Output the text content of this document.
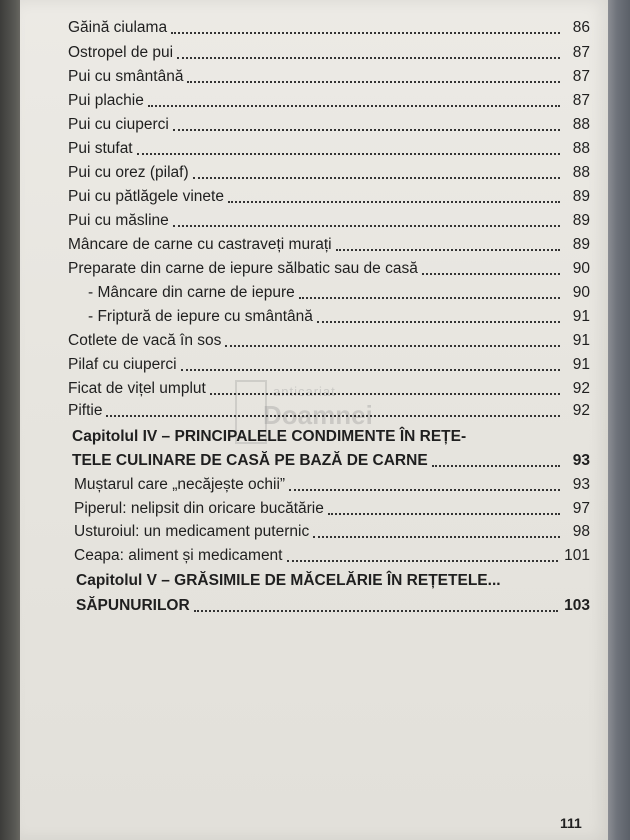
anticariat
Doamnei
Găină ciulama	86
Ostropel de pui	87
Pui cu smântână	87
Pui plachie	87
Pui cu ciuperci	88
Pui stufat	88
Pui cu orez (pilaf)	88
Pui cu pătlăgele vinete	89
Pui cu măsline	89
Mâncare de carne cu castraveți murați	89
Preparate din carne de iepure sălbatic sau de casă	90
- Mâncare din carne de iepure	90
- Friptură de iepure cu smântână	91
Cotlete de vacă în sos	91
Pilaf cu ciuperci	91
Ficat de vițel umplut	92
Piftie	92
Capitolul IV – PRINCIPALELE CONDIMENTE ÎN REȚE-
TELE CULINARE DE CASĂ PE BAZĂ DE CARNE	93
Muștarul care „necăjește ochii”	93
Piperul: nelipsit din oricare bucătărie	97
Usturoiul: un medicament puternic	98
Ceapa: aliment și medicament	101
Capitolul V – GRĂSIMILE DE MĂCELĂRIE ÎN REȚETELE...
SĂPUNURILOR	103
111
